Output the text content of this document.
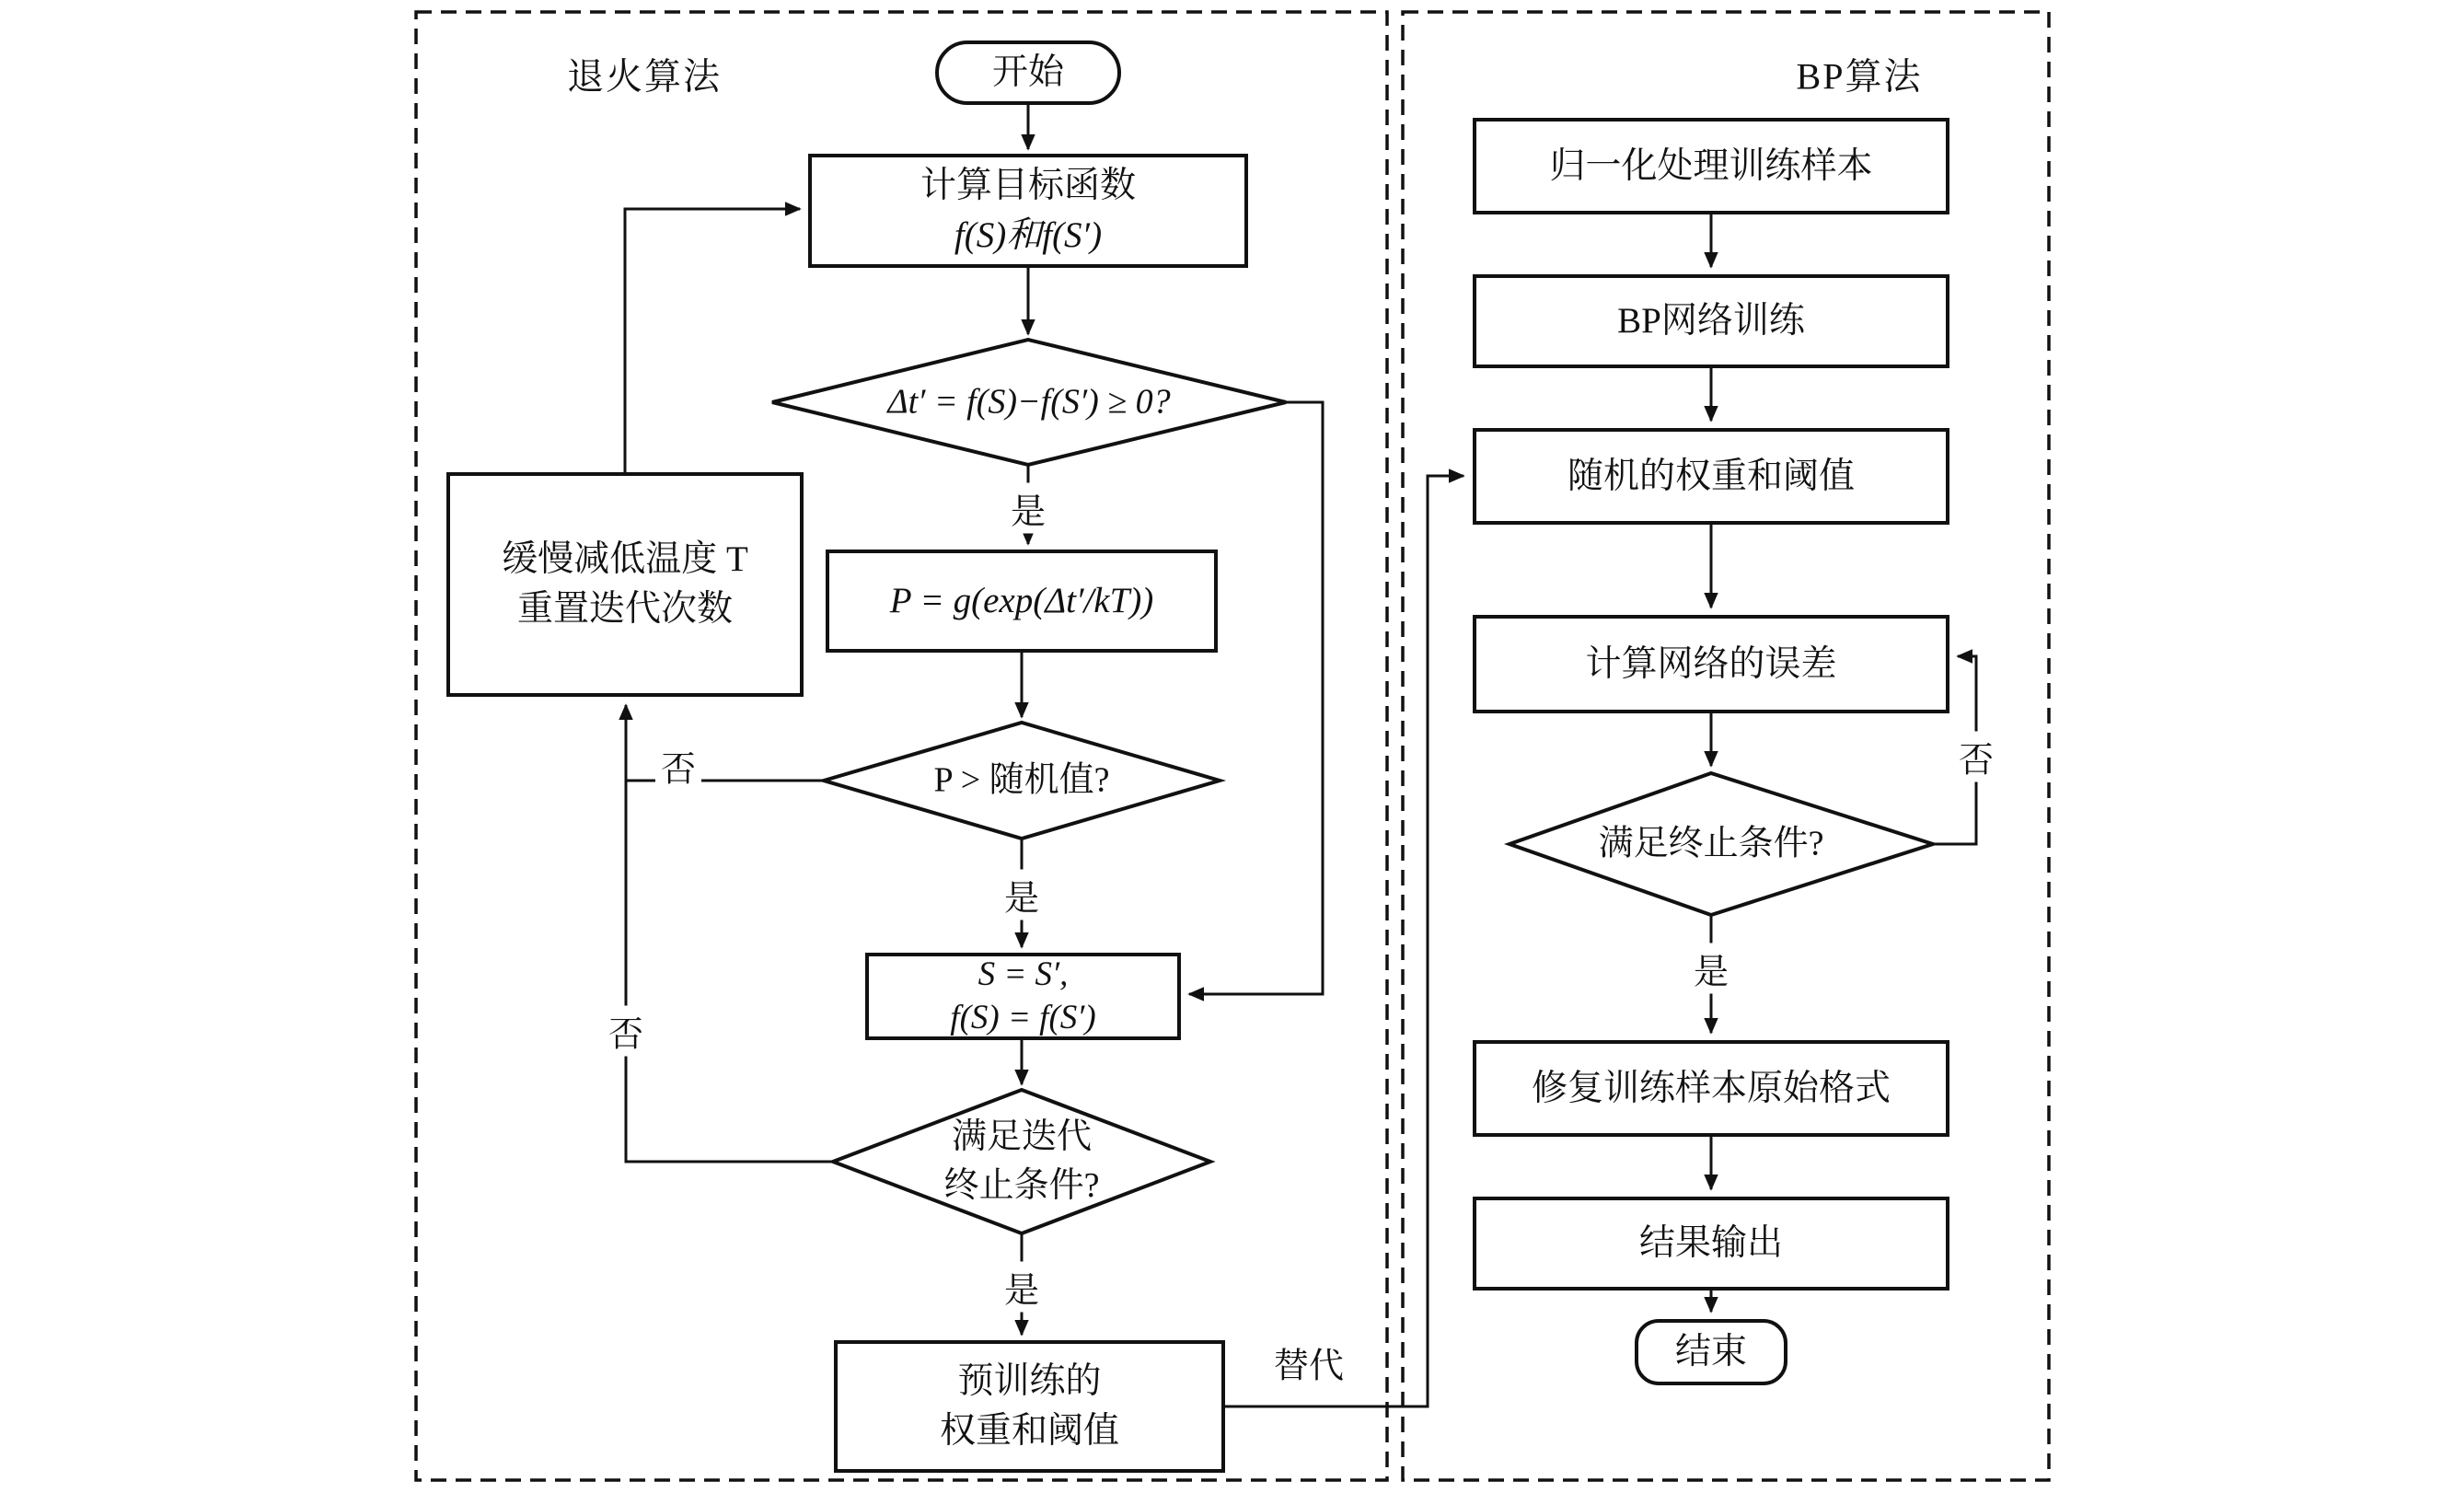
退火算法	BP算法
开始
计算目标函数
f(S)和f(S′)
Δt′ = f(S)−f(S′) ≥ 0?
P = g(exp(Δt′/kT))
P > 随机值?
S = S′,
f(S) = f(S′)
满足迭代
终止条件?
预训练的
权重和阈值
缓慢减低温度 T
重置迭代次数
是
是
是
否
否
替代
归一化处理训练样本
BP网络训练
随机的权重和阈值
计算网络的误差
满足终止条件?
修复训练样本原始格式
结果输出
结束
是
否
